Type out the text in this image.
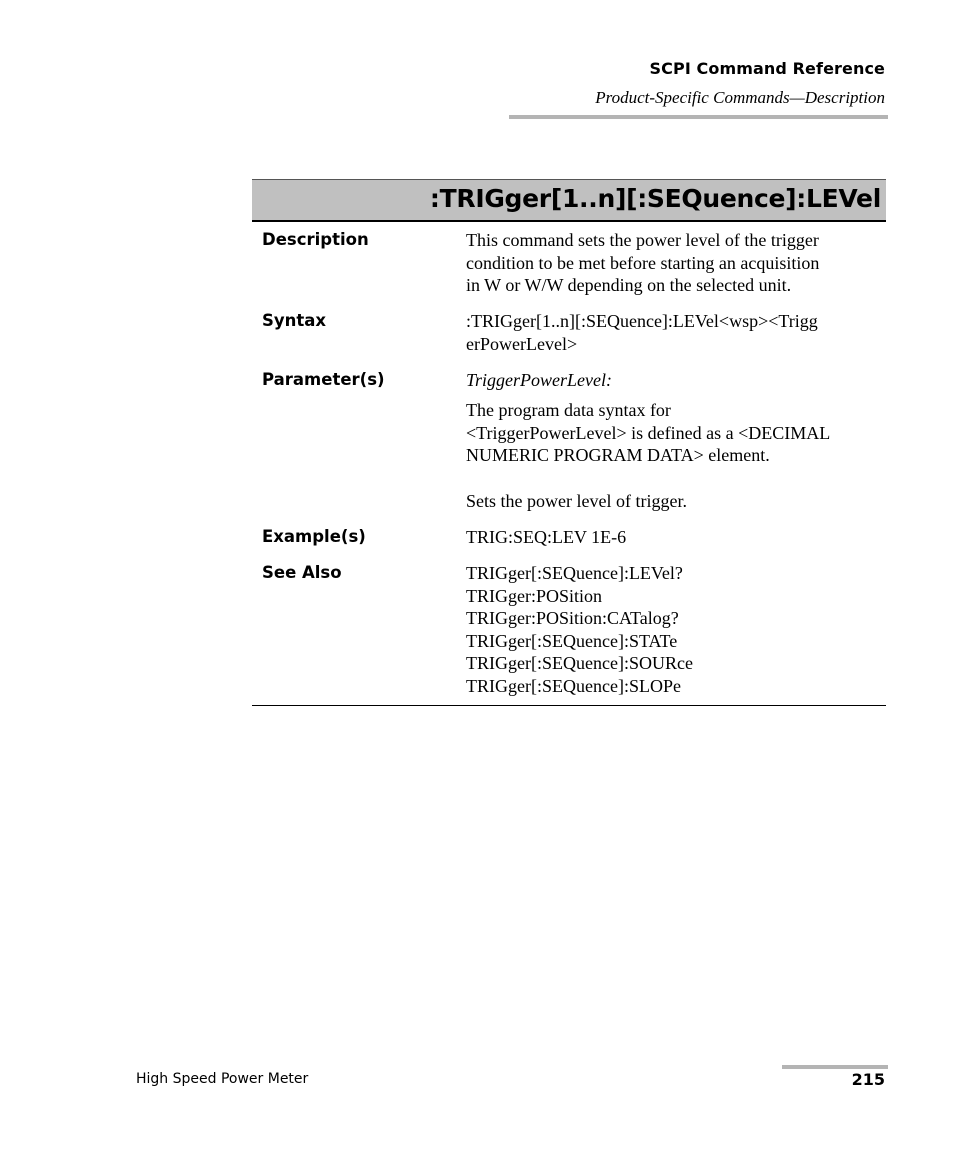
SCPI Command Reference
Product-Specific Commands—Description
:TRIGger[1..n][:SEQuence]:LEVel
Description	This command sets the power level of the trigger
condition to be met before starting an acquisition
in W or W/W depending on the selected unit.
Syntax	:TRIGger[1..n][:SEQuence]:LEVel<wsp><Trigg
erPowerLevel>
Parameter(s)	TriggerPowerLevel:
The program data syntax for
<TriggerPowerLevel> is defined as a <DECIMAL
NUMERIC PROGRAM DATA> element.
Sets the power level of trigger.
Example(s)	TRIG:SEQ:LEV 1E-6
See Also	TRIGger[:SEQuence]:LEVel?
TRIGger:POSition
TRIGger:POSition:CATalog?
TRIGger[:SEQuence]:STATe
TRIGger[:SEQuence]:SOURce
TRIGger[:SEQuence]:SLOPe
High Speed Power Meter	215
